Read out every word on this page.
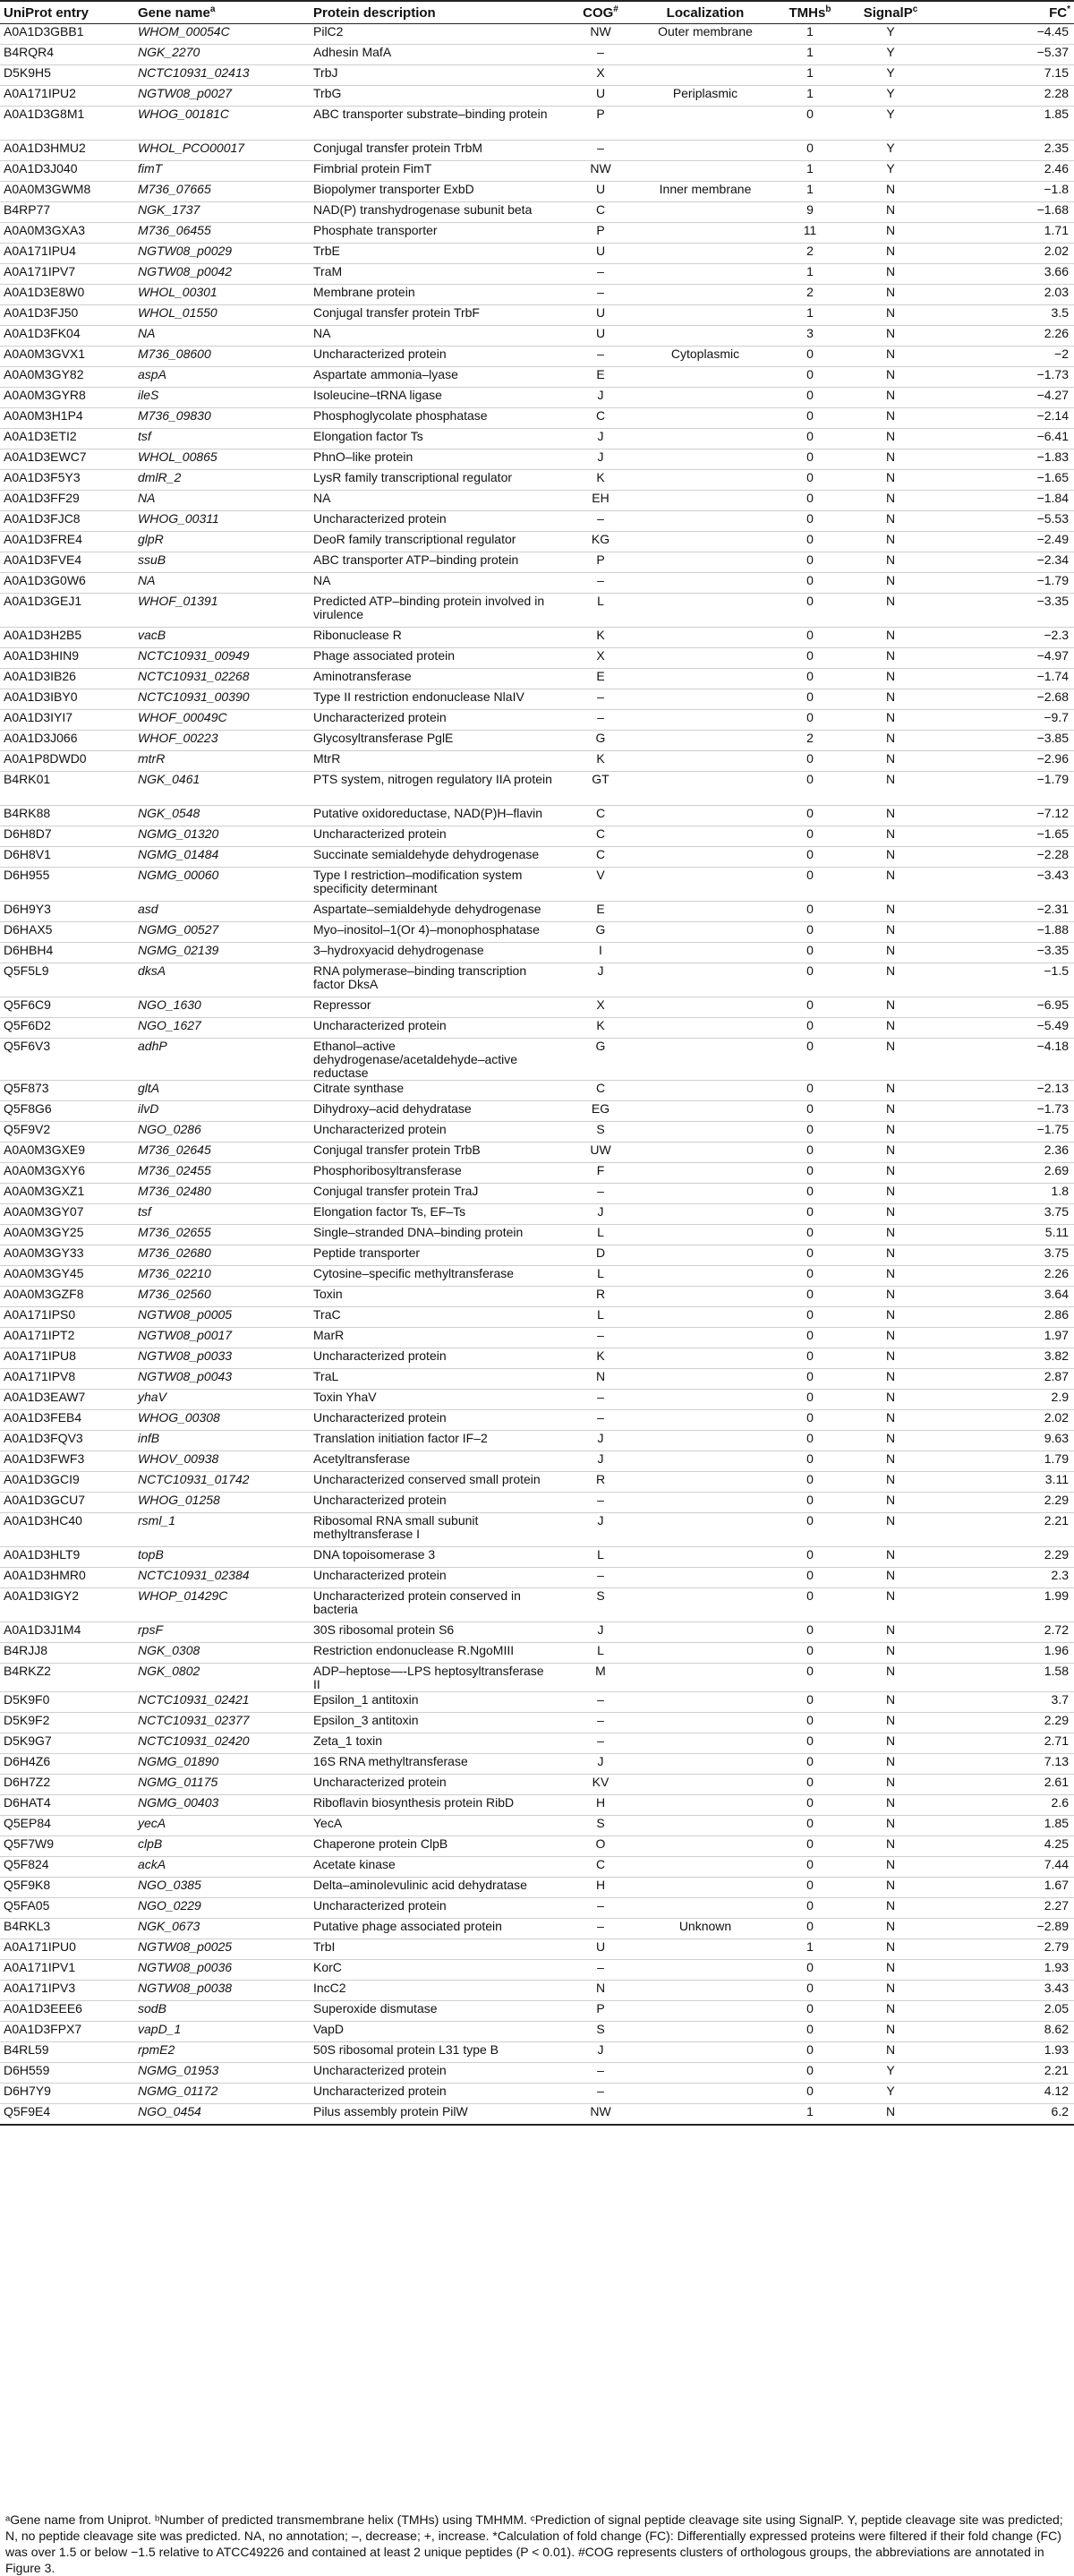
UniProt entry	Gene name$^a$	Protein description	COG#	Localization	TMHs$^b$	SignalP$^c$	FC*
A0A1D3GBB1	WHOM_00054C	PilC2	NW	Outer membrane	1	Y	−4.45
B4RQR4	NGK_2270	Adhesin MafA	–		1	Y	−5.37
D5K9H5	NCTC10931_02413	TrbJ	X		1	Y	7.15
A0A171IPU2	NGTW08_p0027	TrbG	U	Periplasmic	1	Y	2.28
A0A1D3G8M1	WHOG_00181C	ABC transporter substrate–binding protein	P		0	Y	1.85
A0A1D3HMU2	WHOL_PCO00017	Conjugal transfer protein TrbM	–		0	Y	2.35
A0A1D3J040	fimT	Fimbrial protein FimT	NW		1	Y	2.46
A0A0M3GWM8	M736_07665	Biopolymer transporter ExbD	U	Inner membrane	1	N	−1.8
B4RP77	NGK_1737	NAD(P) transhydrogenase subunit beta	C		9	N	−1.68
A0A0M3GXA3	M736_06455	Phosphate transporter	P		11	N	1.71
A0A171IPU4	NGTW08_p0029	TrbE	U		2	N	2.02
A0A171IPV7	NGTW08_p0042	TraM	–		1	N	3.66
A0A1D3E8W0	WHOL_00301	Membrane protein	–		2	N	2.03
A0A1D3FJ50	WHOL_01550	Conjugal transfer protein TrbF	U		1	N	3.5
A0A1D3FK04	NA	NA	U		3	N	2.26
A0A0M3GVX1	M736_08600	Uncharacterized protein	–	Cytoplasmic	0	N	−2
A0A0M3GY82	aspA	Aspartate ammonia–lyase	E		0	N	−1.73
A0A0M3GYR8	ileS	Isoleucine–tRNA ligase	J		0	N	−4.27
A0A0M3H1P4	M736_09830	Phosphoglycolate phosphatase	C		0	N	−2.14
A0A1D3ETI2	tsf	Elongation factor Ts	J		0	N	−6.41
A0A1D3EWC7	WHOL_00865	PhnO–like protein	J		0	N	−1.83
A0A1D3F5Y3	dmlR_2	LysR family transcriptional regulator	K		0	N	−1.65
A0A1D3FF29	NA	NA	EH		0	N	−1.84
A0A1D3FJC8	WHOG_00311	Uncharacterized protein	–		0	N	−5.53
A0A1D3FRE4	glpR	DeoR family transcriptional regulator	KG		0	N	−2.49
A0A1D3FVE4	ssuB	ABC transporter ATP–binding protein	P		0	N	−2.34
A0A1D3G0W6	NA	NA	–		0	N	−1.79
A0A1D3GEJ1	WHOF_01391	Predicted ATP–binding protein involved in virulence	L		0	N	−3.35
A0A1D3H2B5	vacB	Ribonuclease R	K		0	N	−2.3
A0A1D3HIN9	NCTC10931_00949	Phage associated protein	X		0	N	−4.97
A0A1D3IB26	NCTC10931_02268	Aminotransferase	E		0	N	−1.74
A0A1D3IBY0	NCTC10931_00390	Type II restriction endonuclease NlaIV	–		0	N	−2.68
A0A1D3IYI7	WHOF_00049C	Uncharacterized protein	–		0	N	−9.7
A0A1D3J066	WHOF_00223	Glycosyltransferase PglE	G		2	N	−3.85
A0A1P8DWD0	mtrR	MtrR	K		0	N	−2.96
B4RK01	NGK_0461	PTS system, nitrogen regulatory IIA protein	GT		0	N	−1.79
B4RK88	NGK_0548	Putative oxidoreductase, NAD(P)H–flavin	C		0	N	−7.12
D6H8D7	NGMG_01320	Uncharacterized protein	C		0	N	−1.65
D6H8V1	NGMG_01484	Succinate semialdehyde dehydrogenase	C		0	N	−2.28
D6H955	NGMG_00060	Type I restriction–modification system specificity determinant	V		0	N	−3.43
D6H9Y3	asd	Aspartate–semialdehyde dehydrogenase	E		0	N	−2.31
D6HAX5	NGMG_00527	Myo–inositol–1(Or 4)–monophosphatase	G		0	N	−1.88
D6HBH4	NGMG_02139	3–hydroxyacid dehydrogenase	I		0	N	−3.35
Q5F5L9	dksA	RNA polymerase–binding transcription factor DksA	J		0	N	−1.5
Q5F6C9	NGO_1630	Repressor	X		0	N	−6.95
Q5F6D2	NGO_1627	Uncharacterized protein	K		0	N	−5.49
Q5F6V3	adhP	Ethanol–active dehydrogenase/acetaldehyde–active reductase	G		0	N	−4.18
Q5F873	gltA	Citrate synthase	C		0	N	−2.13
Q5F8G6	ilvD	Dihydroxy–acid dehydratase	EG		0	N	−1.73
Q5F9V2	NGO_0286	Uncharacterized protein	S		0	N	−1.75
A0A0M3GXE9	M736_02645	Conjugal transfer protein TrbB	UW		0	N	2.36
A0A0M3GXY6	M736_02455	Phosphoribosyltransferase	F		0	N	2.69
A0A0M3GXZ1	M736_02480	Conjugal transfer protein TraJ	–		0	N	1.8
A0A0M3GY07	tsf	Elongation factor Ts, EF–Ts	J		0	N	3.75
A0A0M3GY25	M736_02655	Single–stranded DNA–binding protein	L		0	N	5.11
A0A0M3GY33	M736_02680	Peptide transporter	D		0	N	3.75
A0A0M3GY45	M736_02210	Cytosine–specific methyltransferase	L		0	N	2.26
A0A0M3GZF8	M736_02560	Toxin	R		0	N	3.64
A0A171IPS0	NGTW08_p0005	TraC	L		0	N	2.86
A0A171IPT2	NGTW08_p0017	MarR	–		0	N	1.97
A0A171IPU8	NGTW08_p0033	Uncharacterized protein	K		0	N	3.82
A0A171IPV8	NGTW08_p0043	TraL	N		0	N	2.87
A0A1D3EAW7	yhaV	Toxin YhaV	–		0	N	2.9
A0A1D3FEB4	WHOG_00308	Uncharacterized protein	–		0	N	2.02
A0A1D3FQV3	infB	Translation initiation factor IF–2	J		0	N	9.63
A0A1D3FWF3	WHOV_00938	Acetyltransferase	J		0	N	1.79
A0A1D3GCI9	NCTC10931_01742	Uncharacterized conserved small protein	R		0	N	3.11
A0A1D3GCU7	WHOG_01258	Uncharacterized protein	–		0	N	2.29
A0A1D3HC40	rsml_1	Ribosomal RNA small subunit methyltransferase I	J		0	N	2.21
A0A1D3HLT9	topB	DNA topoisomerase 3	L		0	N	2.29
A0A1D3HMR0	NCTC10931_02384	Uncharacterized protein	–		0	N	2.3
A0A1D3IGY2	WHOP_01429C	Uncharacterized protein conserved in bacteria	S		0	N	1.99
A0A1D3J1M4	rpsF	30S ribosomal protein S6	J		0	N	2.72
B4RJJ8	NGK_0308	Restriction endonuclease R.NgoMIII	L		0	N	1.96
B4RKZ2	NGK_0802	ADP–heptose—-LPS heptosyltransferase II	M		0	N	1.58
D5K9F0	NCTC10931_02421	Epsilon_1 antitoxin	–		0	N	3.7
D5K9F2	NCTC10931_02377	Epsilon_3 antitoxin	–		0	N	2.29
D5K9G7	NCTC10931_02420	Zeta_1 toxin	–		0	N	2.71
D6H4Z6	NGMG_01890	16S RNA methyltransferase	J		0	N	7.13
D6H7Z2	NGMG_01175	Uncharacterized protein	KV		0	N	2.61
D6HAT4	NGMG_00403	Riboflavin biosynthesis protein RibD	H		0	N	2.6
Q5EP84	yecA	YecA	S		0	N	1.85
Q5F7W9	clpB	Chaperone protein ClpB	O		0	N	4.25
Q5F824	ackA	Acetate kinase	C		0	N	7.44
Q5F9K8	NGO_0385	Delta–aminolevulinic acid dehydratase	H		0	N	1.67
Q5FA05	NGO_0229	Uncharacterized protein	–		0	N	2.27
B4RKL3	NGK_0673	Putative phage associated protein	–	Unknown	0	N	−2.89
A0A171IPU0	NGTW08_p0025	TrbI	U		1	N	2.79
A0A171IPV1	NGTW08_p0036	KorC	–		0	N	1.93
A0A171IPV3	NGTW08_p0038	IncC2	N		0	N	3.43
A0A1D3EEE6	sodB	Superoxide dismutase	P		0	N	2.05
A0A1D3FPX7	vapD_1	VapD	S		0	N	8.62
B4RL59	rpmE2	50S ribosomal protein L31 type B	J		0	N	1.93
D6H559	NGMG_01953	Uncharacterized protein	–		0	Y	2.21
D6H7Y9	NGMG_01172	Uncharacterized protein	–		0	Y	4.12
Q5F9E4	NGO_0454	Pilus assembly protein PilW	NW		1	N	6.2
ᵃGene name from Uniprot. ᵇNumber of predicted transmembrane helix (TMHs) using TMHMM. ᶜPrediction of signal peptide cleavage site using SignalP. Y, peptide cleavage site was predicted; N, no peptide cleavage site was predicted. NA, no annotation; –, decrease; +, increase. *Calculation of fold change (FC): Differentially expressed proteins were filtered if their fold change (FC) was over 1.5 or below −1.5 relative to ATCC49226 and contained at least 2 unique peptides (P < 0.01). #COG represents clusters of orthologous groups, the abbreviations are annotated in Figure 3.
